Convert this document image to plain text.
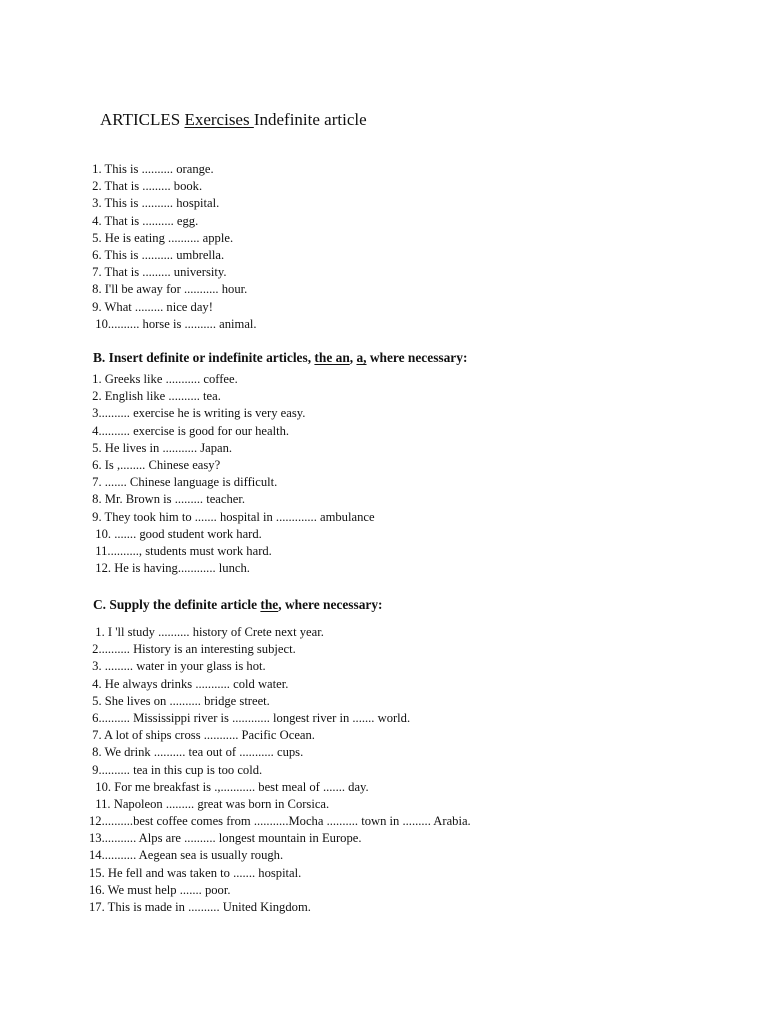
ARTICLES Exercises Indefinite article
1. This is .......... orange.
2. That is ......... book.
3. This is .......... hospital.
4. That is .......... egg.
5. He is eating .......... apple.
6. This is .......... umbrella.
7. That is ......... university.
8. I'll be away for ........... hour.
9. What ......... nice day!
10.......... horse is .......... animal.
B. Insert definite or indefinite articles, the an, a, where necessary:
1. Greeks like ........... coffee.
2. English like .......... tea.
3.......... exercise he is writing is very easy.
4.......... exercise is good for our health.
5. He lives in ........... Japan.
6. Is ,........ Chinese easy?
7. ....... Chinese language is difficult.
8. Mr. Brown is ......... teacher.
9. They took him to ....... hospital in ............. ambulance
10. ....... good student work hard.
11.........., students must work hard.
12. He is having............ lunch.
C. Supply the definite article the, where necessary:
1. I 'll study .......... history of Crete next year.
2.......... History is an interesting subject.
3. ......... water in your glass is hot.
4. He always drinks ........... cold water.
5. She lives on .......... bridge street.
6.......... Mississippi river is ............ longest river in ....... world.
7. A lot of ships cross ........... Pacific Ocean.
8. We drink .......... tea out of ........... cups.
9.......... tea in this cup is too cold.
10. For me breakfast is .,........... best meal of ....... day.
11. Napoleon ......... great was born in Corsica.
12..........best coffee comes from ...........Mocha .......... town in ......... Arabia.
13........... Alps are .......... longest mountain in Europe.
14........... Aegean sea is usually rough.
15. He fell and was taken to ....... hospital.
16. We must help ....... poor.
17. This is made in .......... United Kingdom.
